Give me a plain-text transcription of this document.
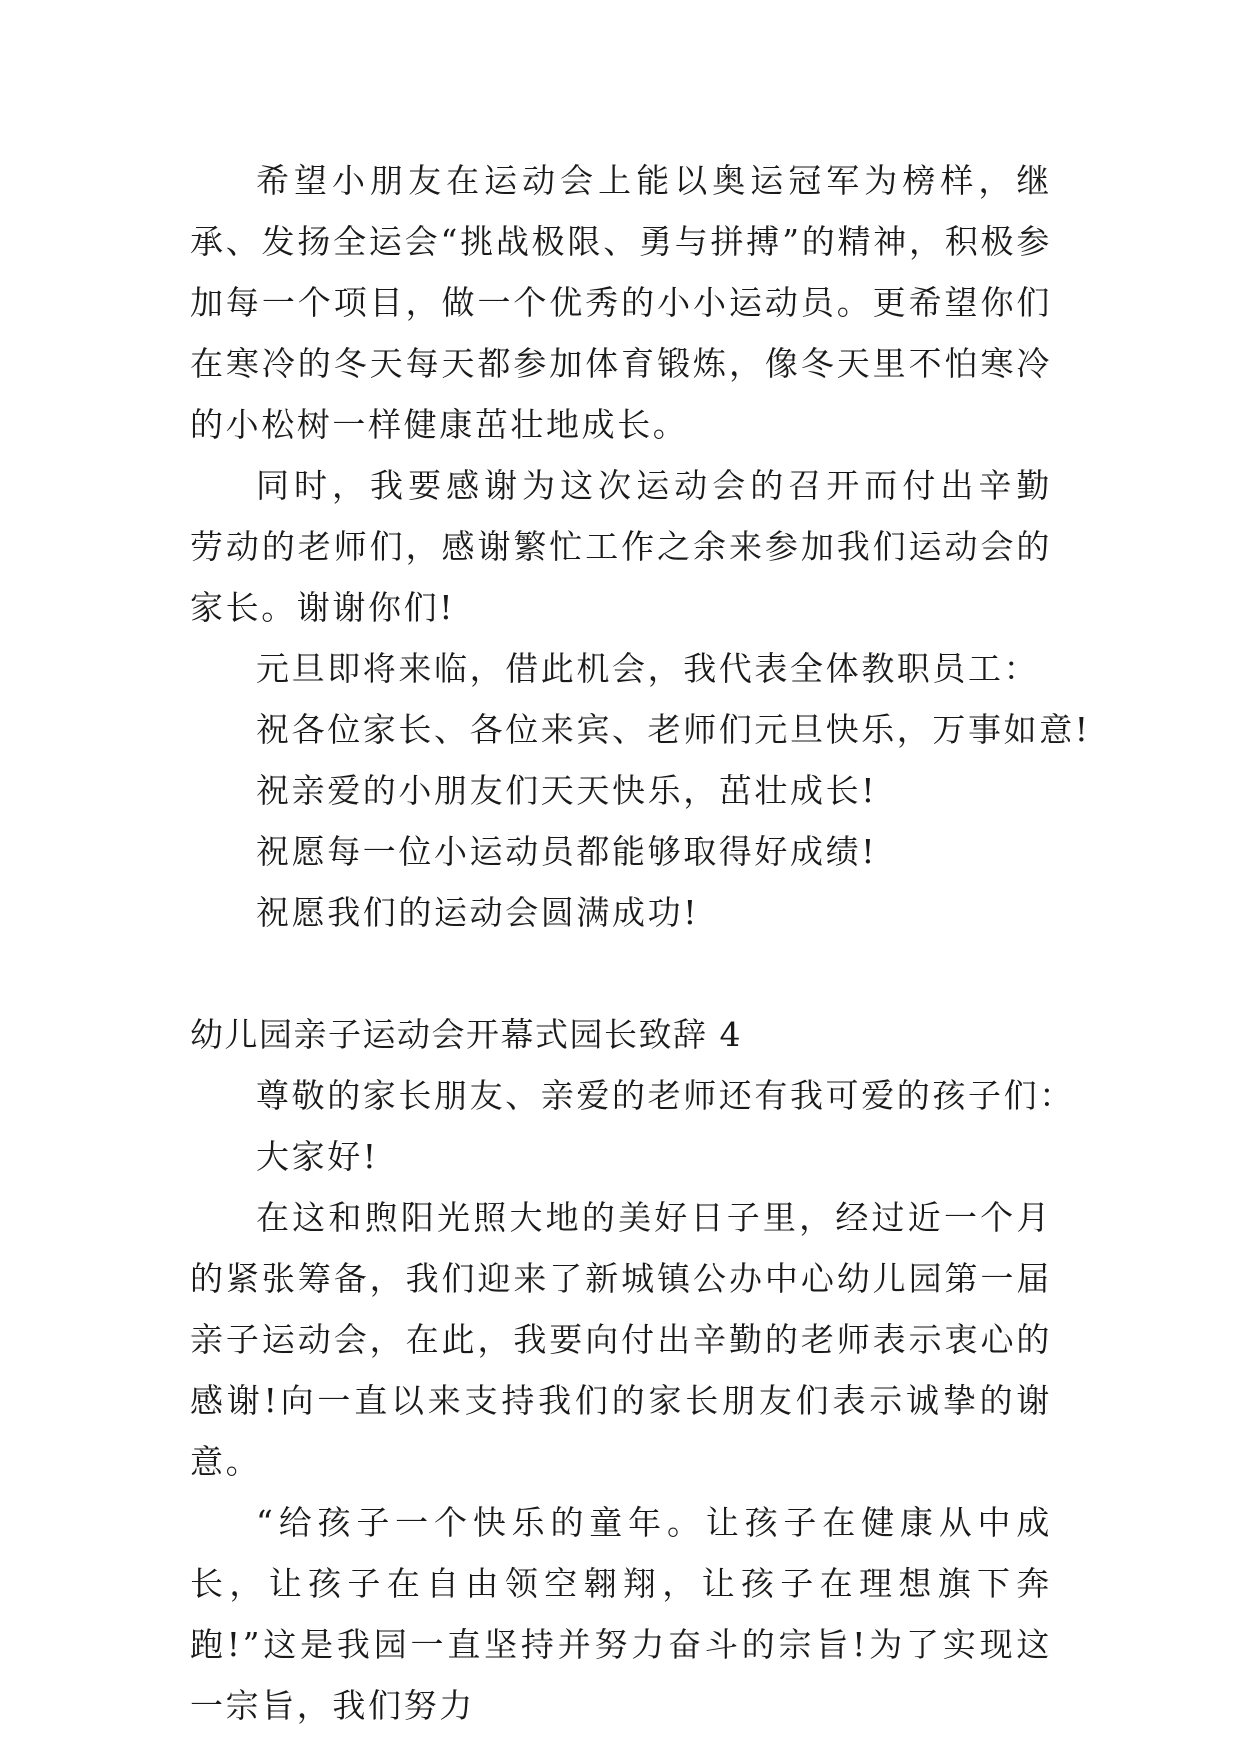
希望小朋友在运动会上能以奥运冠军为榜样，继承、发扬全运会“挑战极限、勇与拼搏”的精神，积极参加每一个项目，做一个优秀的小小运动员。更希望你们在寒冷的冬天每天都参加体育锻炼，像冬天里不怕寒冷的小松树一样健康茁壮地成长。

同时，我要感谢为这次运动会的召开而付出辛勤 劳动的老师们，感谢繁忙工作之余来参加我们运动会的家长。谢谢你们!

元旦即将来临，借此机会，我代表全体教职员工：

祝各位家长、各位来宾、老师们元旦快乐，万事如意!

祝亲爱的小朋友们天天快乐，茁壮成长!

祝愿每一位小运动员都能够取得好成绩!

祝愿我们的运动会圆满成功!

幼儿园亲子运动会开幕式园长致辞 4

尊敬的家长朋友、亲爱的老师还有我可爱的孩子们：

大家好!

在这和煦阳光照大地的美好日子里，经过近一个月的紧张筹备，我们迎来了新城镇公办中心幼儿园第一届亲子运动会，在此，我要向付出辛勤的老师表示衷心的感谢!向一直以来支持我们的家长朋友们表示诚挚的谢意。

“给孩子一个快乐的童年。让孩子在健康从中成长，让孩子在自由领空翱翔，让孩子在理想旗下奔跑!”这是我园一直坚持并努力奋斗的宗旨!为了实现这一宗旨，我们努力
